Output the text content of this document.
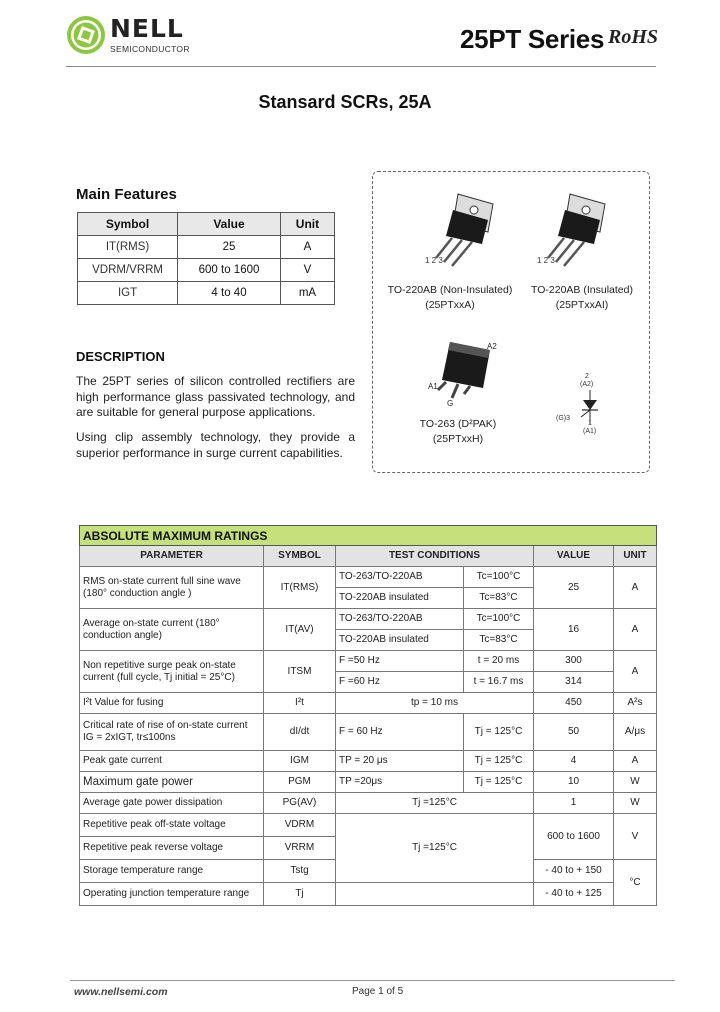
NELL
SEMICONDUCTOR	25PT Series RoHS
Stansard SCRs, 25A
Main Features
Symbol	Value	Unit
IT(RMS)	25	A
VDRM/VRRM	600 to 1600	V
IGT	4 to 40	mA
DESCRIPTION
The 25PT series of silicon controlled rectifiers are high performance glass passivated technology, and are suitable for general purpose applications.
Using clip assembly technology, they provide a superior performance in surge current capabilities.
1 2 3	1 2 3
TO-220AB (Non-Insulated)
(25PTxxA)
TO-220AB (Insulated)
(25PTxxAI)
A2
A1
G
TO-263 (D²PAK)
(25PTxxH)
2
(A2)
(G)3
1
(A1)
ABSOLUTE MAXIMUM RATINGS					
PARAMETER	SYMBOL	TEST CONDITIONS		VALUE	UNIT
RMS on-state current full sine wave (180° conduction angle )	IT(RMS)	TO-263/TO-220AB	Tc=100°C	25	A
		TO-220AB insulated	Tc=83°C		
Average on-state current (180° conduction angle)	IT(AV)	TO-263/TO-220AB	Tc=100°C	16	A
		TO-220AB insulated	Tc=83°C		
Non repetitive surge peak on-state current (full cycle, Tj initial = 25°C)	ITSM	F =50 Hz	t = 20 ms	300	A
		F =60 Hz	t = 16.7 ms	314	
I²t Value for fusing	I²t	tp = 10 ms		450	A²s
Critical rate of rise of on-state current IG = 2xIGT, tr≤100ns	dI/dt	F = 60 Hz	Tj = 125°C	50	A/μs
Peak gate current	IGM	TP = 20 μs	Tj = 125°C	4	A
Maximum gate power	PGM	TP =20μs	Tj = 125°C	10	W
Average gate power dissipation	PG(AV)	Tj =125°C		1	W
Repetitive peak off-state voltage	VDRM	Tj =125°C		600 to 1600	V
Repetitive peak reverse voltage	VRRM				
Storage temperature range	Tstg			- 40 to + 150	°C
Operating junction temperature range	Tj			- 40 to + 125	
www.nellsemi.com	Page 1 of 5
